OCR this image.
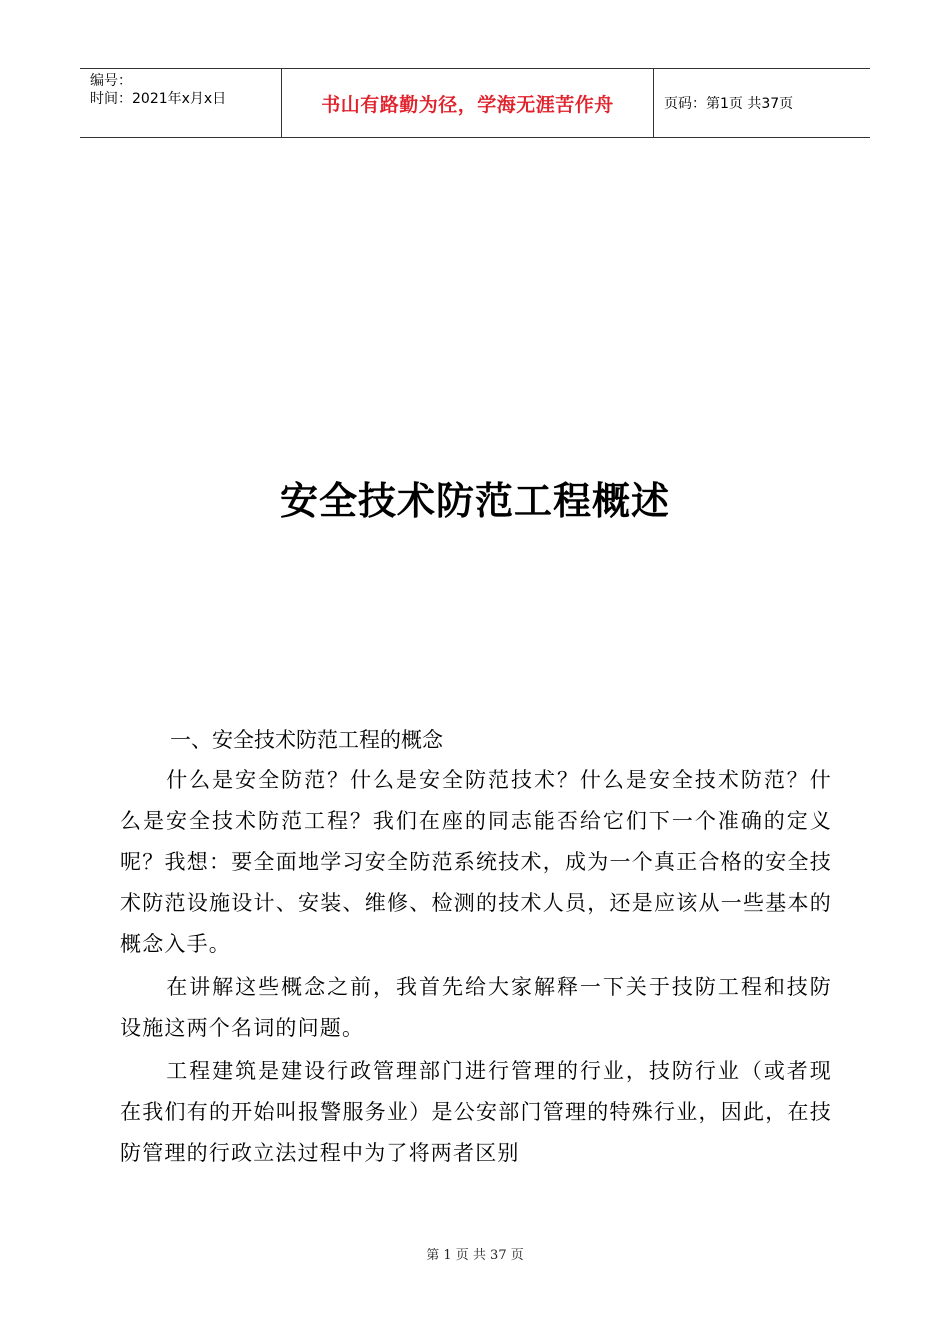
编号：
时间：2021年x月x日	书山有路勤为径，学海无涯苦作舟	页码：第1页 共37页
安全技术防范工程概述
一、安全技术防范工程的概念

什么是安全防范？什么是安全防范技术？什么是安全技术防范？什么是安全技术防范工程？我们在座的同志能否给它们下一个准确的定义呢？我想：要全面地学习安全防范系统技术，成为一个真正合格的安全技术防范设施设计、安装、维修、检测的技术人员，还是应该从一些基本的概念入手。

在讲解这些概念之前，我首先给大家解释一下关于技防工程和技防设施这两个名词的问题。

工程建筑是建设行政管理部门进行管理的行业，技防行业（或者现在我们有的开始叫报警服务业）是公安部门管理的特殊行业，因此，在技防管理的行政立法过程中为了将两者区别

第 1 页 共 37 页
